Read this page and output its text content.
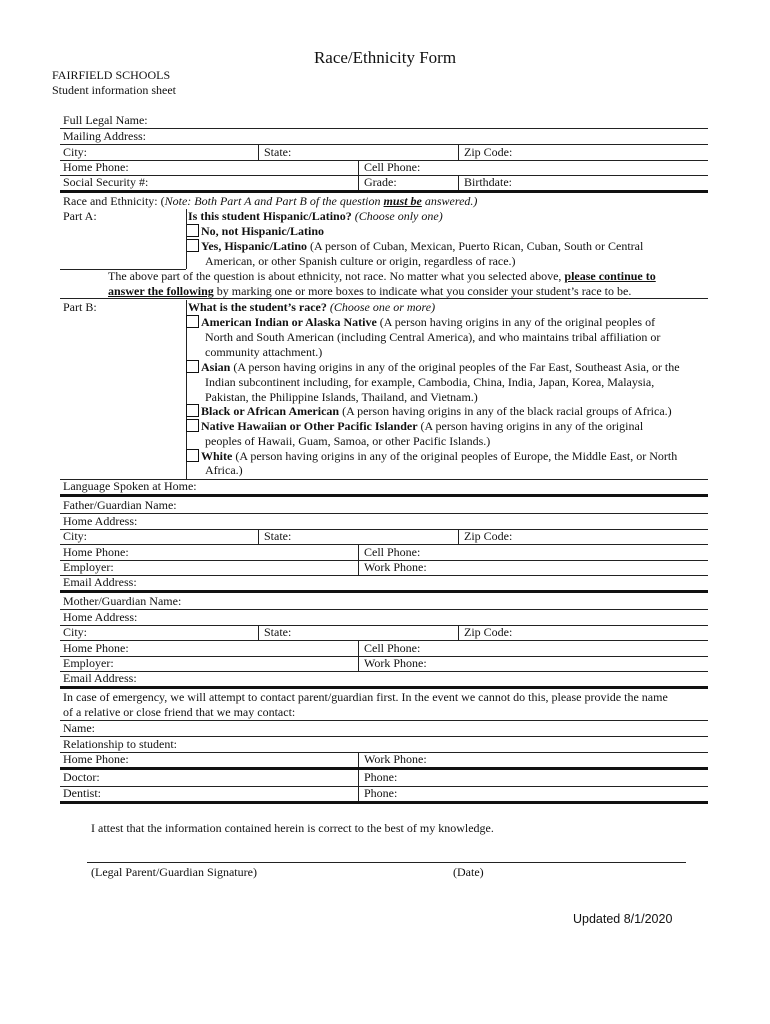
Race/Ethnicity Form
FAIRFIELD SCHOOLS
Student information sheet
Full Legal Name:
Mailing Address:
City:	State:	Zip Code:
Home Phone:	Cell Phone:
Social Security #:	Grade:	Birthdate:
Race and Ethnicity: (Note: Both Part A and Part B of the question must be answered.)
Part A:	Is this student Hispanic/Latino? (Choose only one)
No, not Hispanic/Latino
Yes, Hispanic/Latino (A person of Cuban, Mexican, Puerto Rican, Cuban, South or Central
American, or other Spanish culture or origin, regardless of race.)
The above part of the question is about ethnicity, not race. No matter what you selected above, please continue to
answer the following by marking one or more boxes to indicate what you consider your student’s race to be.
Part B:	What is the student’s race? (Choose one or more)
American Indian or Alaska Native (A person having origins in any of the original peoples of
North and South American (including Central America), and who maintains tribal affiliation or
community attachment.)
Asian (A person having origins in any of the original peoples of the Far East, Southeast Asia, or the
Indian subcontinent including, for example, Cambodia, China, India, Japan, Korea, Malaysia,
Pakistan, the Philippine Islands, Thailand, and Vietnam.)
Black or African American (A person having origins in any of the black racial groups of Africa.)
Native Hawaiian or Other Pacific Islander (A person having origins in any of the original
peoples of Hawaii, Guam, Samoa, or other Pacific Islands.)
White (A person having origins in any of the original peoples of Europe, the Middle East, or North
Africa.)
Language Spoken at Home:
Father/Guardian Name:
Home Address:
City:	State:	Zip Code:
Home Phone:	Cell Phone:
Employer:	Work Phone:
Email Address:
Mother/Guardian Name:
Home Address:
City:	State:	Zip Code:
Home Phone:	Cell Phone:
Employer:	Work Phone:
Email Address:
In case of emergency, we will attempt to contact parent/guardian first. In the event we cannot do this, please provide the name
of a relative or close friend that we may contact:
Name:
Relationship to student:
Home Phone:	Work Phone:
Doctor:	Phone:
Dentist:	Phone:
I attest that the information contained herein is correct to the best of my knowledge.
(Legal Parent/Guardian Signature)	(Date)
Updated 8/1/2020
